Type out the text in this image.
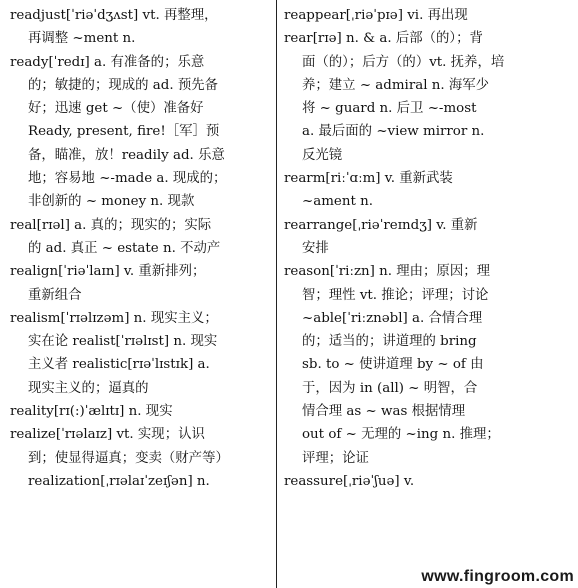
readjust[ˈriəˈdʒʌst] vt. 再整理，
再调整 ~ment n.
ready[ˈredɪ] a. 有准备的；乐意
的；敏捷的；现成的 ad. 预先备
好；迅速 get ~（使）准备好
Ready, present, fire!［军］预
备，瞄准，放！readily ad. 乐意
地；容易地 ~-made a. 现成的；
非创新的 ~ money n. 现款
real[rɪəl] a. 真的；现实的；实际
的 ad. 真正 ~ estate n. 不动产
realign[ˈriəˈlaɪn] v. 重新排列；
重新组合
realism[ˈrɪəlɪzəm] n. 现实主义；
实在论 realist[ˈrɪəlɪst] n. 现实
主义者 realistic[rɪəˈlɪstɪk] a.
现实主义的；逼真的
reality[rɪ(:)ˈælɪtɪ] n. 现实
realize[ˈrɪəlaɪz] vt. 实现；认识
到；使显得逼真；变卖（财产等）
realization[ˌrɪəlaɪˈzeɪʃən] n.
reappear[ˌriəˈpɪə] vi. 再出现
rear[rɪə] n. & a. 后部（的）；背
面（的）；后方（的）vt. 抚养，培
养；建立 ~ admiral n. 海军少
将 ~ guard n. 后卫 ~-most
a. 最后面的 ~view mirror n.
反光镜
rearm[riːˈɑːm] v. 重新武装
~ament n.
rearrange[ˌriəˈreɪndʒ] v. 重新
安排
reason[ˈriːzn] n. 理由；原因；理
智；理性 vt. 推论；评理；讨论
~able[ˈriːznəbl] a. 合情合理
的；适当的；讲道理的 bring
sb. to ~ 使讲道理 by ~ of 由
于，因为 in (all) ~ 明智，合
情合理 as ~ was 根据情理
out of ~ 无理的 ~ing n. 推理；
评理；论证
reassure[ˌriəˈʃuə] v.
www.fingroom.com
